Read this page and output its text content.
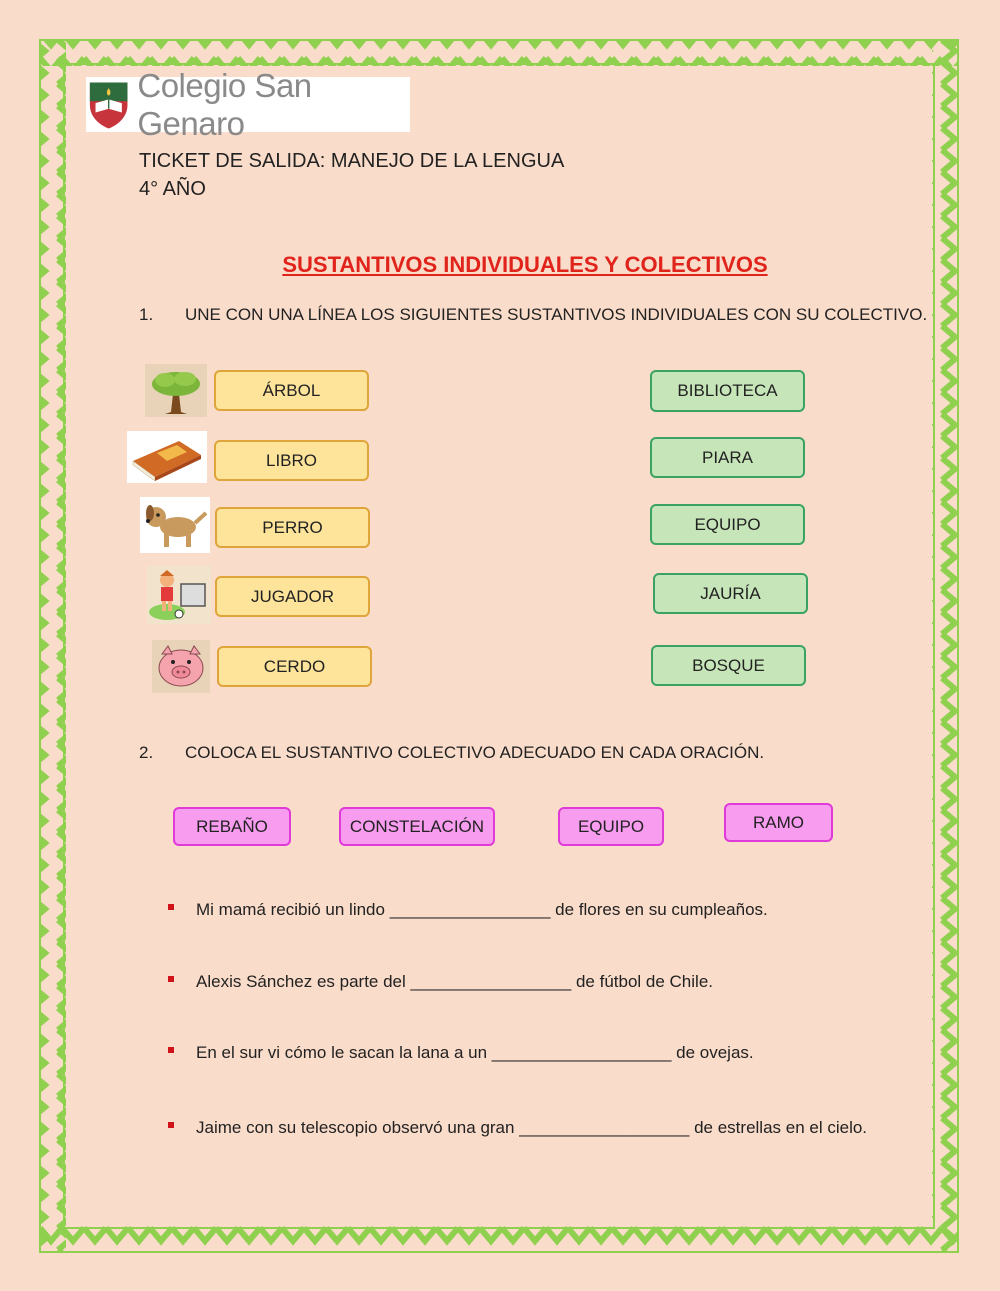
Colegio San Genaro
TICKET DE SALIDA: MANEJO DE LA LENGUA
4° AÑO
SUSTANTIVOS INDIVIDUALES Y COLECTIVOS
1. UNE CON UNA LÍNEA LOS SIGUIENTES SUSTANTIVOS INDIVIDUALES CON SU COLECTIVO.
ÁRBOL
LIBRO
PERRO
JUGADOR
CERDO
BIBLIOTECA
PIARA
EQUIPO
JAURÍA
BOSQUE
2. COLOCA EL SUSTANTIVO COLECTIVO ADECUADO EN CADA ORACIÓN.
REBAÑO	CONSTELACIÓN	EQUIPO	RAMO
Mi mamá recibió un lindo _________________ de flores en su cumpleaños.
Alexis Sánchez es parte del _________________ de fútbol de Chile.
En el sur vi cómo le sacan la lana a un ___________________ de ovejas.
Jaime con su telescopio observó una gran __________________ de estrellas en el cielo.
